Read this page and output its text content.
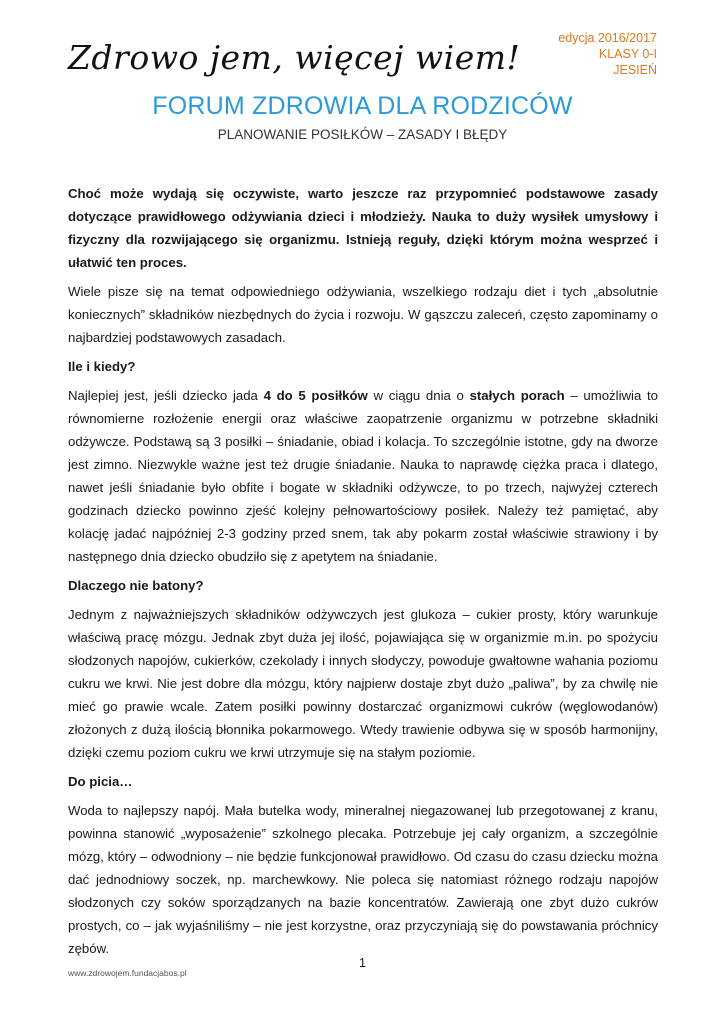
edycja 2016/2017
KLASY 0-I
JESIEŃ
Zdrowo jem, więcej wiem!
FORUM ZDROWIA DLA RODZICÓW
PLANOWANIE POSIŁKÓW – ZASADY I BŁĘDY

Choć może wydają się oczywiste, warto jeszcze raz przypomnieć podstawowe zasady dotyczące prawidłowego odżywiania dzieci i młodzieży. Nauka to duży wysiłek umysłowy i fizyczny dla rozwijającego się organizmu. Istnieją reguły, dzięki którym można wesprzeć i ułatwić ten proces.

Wiele pisze się na temat odpowiedniego odżywiania, wszelkiego rodzaju diet i tych „absolutnie koniecznych” składników niezbędnych do życia i rozwoju. W gąszczu zaleceń, często zapominamy o najbardziej podstawowych zasadach.

Ile i kiedy?

Najlepiej jest, jeśli dziecko jada 4 do 5 posiłków w ciągu dnia o stałych porach – umożliwia to równomierne rozłożenie energii oraz właściwe zaopatrzenie organizmu w potrzebne składniki odżywcze. Podstawą są 3 posiłki – śniadanie, obiad i kolacja. To szczególnie istotne, gdy na dworze jest zimno. Niezwykle ważne jest też drugie śniadanie. Nauka to naprawdę ciężka praca i dlatego, nawet jeśli śniadanie było obfite i bogate w składniki odżywcze, to po trzech, najwyżej czterech godzinach dziecko powinno zjeść kolejny pełnowartościowy posiłek. Należy też pamiętać, aby kolację jadać najpóźniej 2-3 godziny przed snem, tak aby pokarm został właściwie strawiony i by następnego dnia dziecko obudziło się z apetytem na śniadanie.

Dlaczego nie batony?

Jednym z najważniejszych składników odżywczych jest glukoza – cukier prosty, który warunkuje właściwą pracę mózgu. Jednak zbyt duża jej ilość, pojawiająca się w organizmie m.in. po spożyciu słodzonych napojów, cukierków, czekolady i innych słodyczy, powoduje gwałtowne wahania poziomu cukru we krwi. Nie jest dobre dla mózgu, który najpierw dostaje zbyt dużo „paliwa”, by za chwilę nie mieć go prawie wcale. Zatem posiłki powinny dostarczać organizmowi cukrów (węglowodanów) złożonych z dużą ilością błonnika pokarmowego. Wtedy trawienie odbywa się w sposób harmonijny, dzięki czemu poziom cukru we krwi utrzymuje się na stałym poziomie.

Do picia…

Woda to najlepszy napój. Mała butelka wody, mineralnej niegazowanej lub przegotowanej z kranu, powinna stanowić „wyposażenie” szkolnego plecaka. Potrzebuje jej cały organizm, a szczególnie mózg, który – odwodniony – nie będzie funkcjonował prawidłowo. Od czasu do czasu dziecku można dać jednodniowy soczek, np. marchewkowy. Nie poleca się natomiast różnego rodzaju napojów słodzonych czy soków sporządzanych na bazie koncentratów. Zawierają one zbyt dużo cukrów prostych, co – jak wyjaśniliśmy – nie jest korzystne, oraz przyczyniają się do powstawania próchnicy zębów.

1
www.zdrowojem.fundacjabos.pl
